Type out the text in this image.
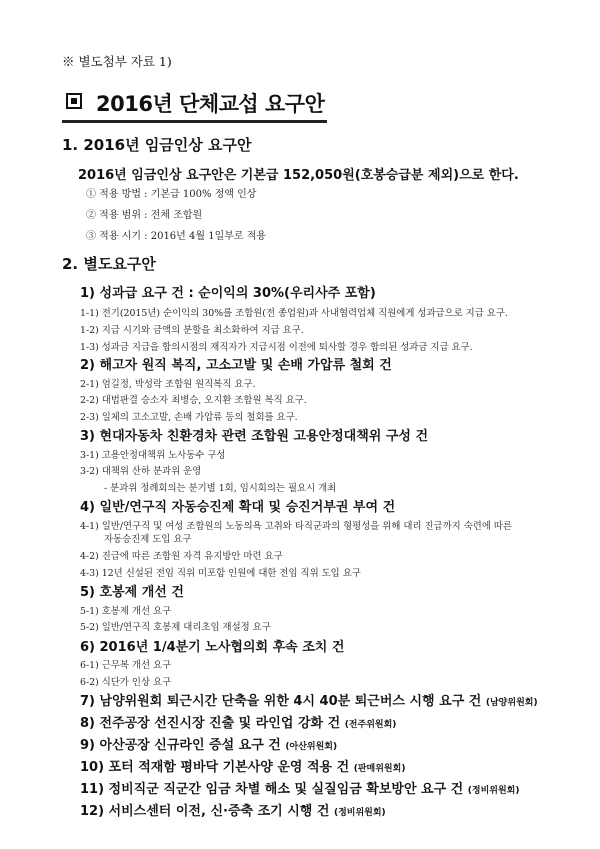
※ 별도첨부 자료 1)
2016년 단체교섭 요구안
1. 2016년 임금인상 요구안
2016년 임금인상 요구안은 기본급 152,050원(호봉승급분 제외)으로 한다.
① 적용 방법 : 기본급 100% 정액 인상
② 적용 범위 : 전체 조합원
③ 적용 시기 : 2016년 4월 1일부로 적용
2. 별도요구안
1) 성과급 요구 건 : 순이익의 30%(우리사주 포함)
1-1) 전기(2015년) 순이익의 30%를 조합원(전 종업원)과 사내협력업체 직원에게 성과급으로 지급 요구.
1-2) 지급 시기와 금액의 분할을 최소화하여 지급 요구.
1-3) 성과금 지급을 합의시점의 재직자가 지급시점 이전에 퇴사할 경우 합의된 성과금 지급 요구.
2) 해고자 원직 복직, 고소고발 및 손배 가압류 철회 건
2-1) 엄길정, 박성락 조합원 원직복직 요구.
2-2) 대법판결 승소자 최병승, 오지환 조합원 복직 요구.
2-3) 일체의 고소고발, 손배 가압류 등의 철회를 요구.
3) 현대자동차 친환경차 관련 조합원 고용안정대책위 구성 건
3-1) 고용안정대책위 노사동수 구성
3-2) 대책위 산하 분과위 운영
- 분과위 정례회의는 분기별 1회, 임시회의는 필요시 개최
4) 일반/연구직 자동승진제 확대 및 승진거부권 부여 건
4-1) 일반/연구직 및 여성 조합원의 노동의욕 고취와 타직군과의 형평성을 위해 대리 진급까지 숙련에 따른
자동승진제 도입 요구
4-2) 진급에 따른 조합원 자격 유지방안 마련 요구
4-3) 12년 신설된 전임 직위 미포함 인원에 대한 전임 직위 도입 요구
5) 호봉제 개선 건
5-1) 호봉제 개선 요구
5-2) 일반/연구직 호봉제 대리초임 재설정 요구
6) 2016년 1/4분기 노사협의회 후속 조치 건
6-1) 근무복 개선 요구
6-2) 식단가 인상 요구
7) 남양위원회 퇴근시간 단축을 위한 4시 40분 퇴근버스 시행 요구 건 (남양위원회)
8) 전주공장 선진시장 진출 및 라인업 강화 건 (전주위원회)
9) 아산공장 신규라인 증설 요구 건 (아산위원회)
10) 포터 적재함 평바닥 기본사양 운영 적용 건 (판매위원회)
11) 정비직군 직군간 임금 차별 해소 및 실질임금 확보방안 요구 건 (정비위원회)
12) 서비스센터 이전, 신·증축 조기 시행 건 (정비위원회)
